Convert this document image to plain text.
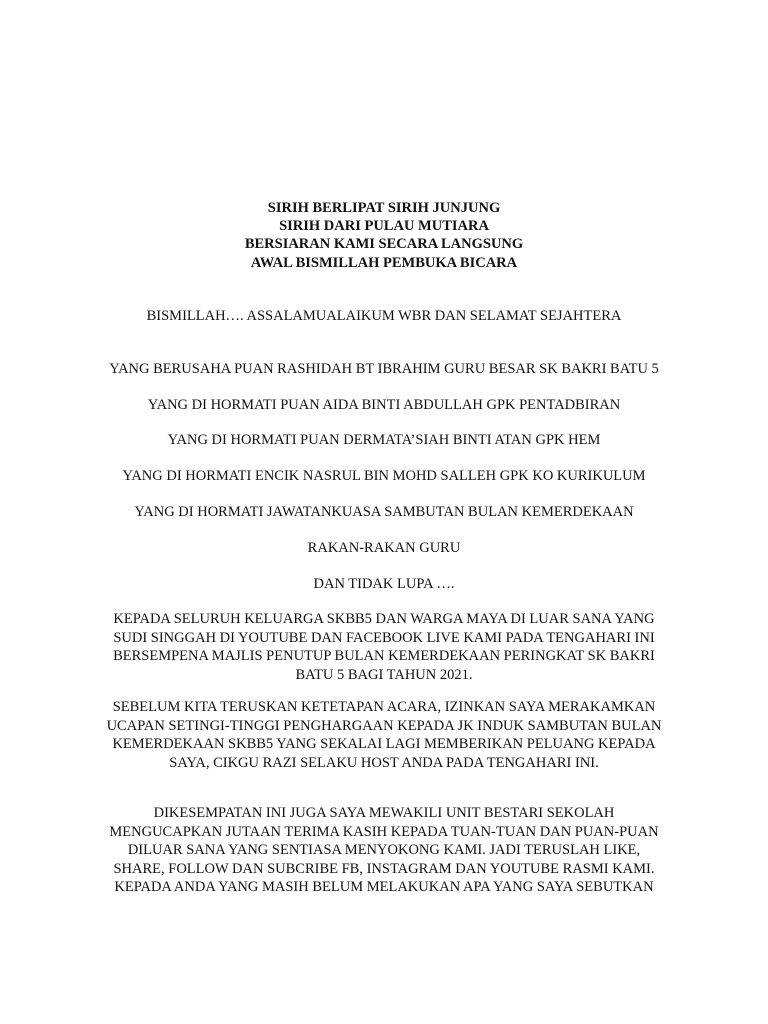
SIRIH BERLIPAT SIRIH JUNJUNG
SIRIH DARI PULAU MUTIARA
BERSIARAN KAMI SECARA LANGSUNG
AWAL BISMILLAH PEMBUKA BICARA
BISMILLAH…. ASSALAMUALAIKUM WBR DAN SELAMAT SEJAHTERA
YANG BERUSAHA PUAN RASHIDAH BT IBRAHIM GURU BESAR SK BAKRI BATU 5
YANG DI HORMATI PUAN AIDA BINTI ABDULLAH GPK PENTADBIRAN
YANG DI HORMATI PUAN DERMATA’SIAH BINTI ATAN GPK HEM
YANG DI HORMATI ENCIK NASRUL BIN MOHD SALLEH GPK KO KURIKULUM
YANG DI HORMATI JAWATANKUASA SAMBUTAN BULAN KEMERDEKAAN
RAKAN-RAKAN GURU
DAN TIDAK LUPA ….
KEPADA SELURUH KELUARGA SKBB5 DAN WARGA MAYA DI LUAR SANA YANG
SUDI SINGGAH DI YOUTUBE DAN FACEBOOK LIVE KAMI PADA TENGAHARI INI
BERSEMPENA MAJLIS PENUTUP BULAN KEMERDEKAAN PERINGKAT SK BAKRI
BATU 5 BAGI TAHUN 2021.
SEBELUM KITA TERUSKAN KETETAPAN ACARA, IZINKAN SAYA MERAKAMKAN
UCAPAN SETINGI-TINGGI PENGHARGAAN KEPADA JK INDUK SAMBUTAN BULAN
KEMERDEKAAN SKBB5 YANG SEKALAI LAGI MEMBERIKAN PELUANG KEPADA
SAYA, CIKGU RAZI SELAKU HOST ANDA PADA TENGAHARI INI.
DIKESEMPATAN INI JUGA SAYA MEWAKILI UNIT BESTARI SEKOLAH
MENGUCAPKAN JUTAAN TERIMA KASIH KEPADA TUAN-TUAN DAN PUAN-PUAN
DILUAR SANA YANG SENTIASA MENYOKONG KAMI. JADI TERUSLAH LIKE,
SHARE, FOLLOW DAN SUBCRIBE FB, INSTAGRAM DAN YOUTUBE RASMI KAMI.
KEPADA ANDA YANG MASIH BELUM MELAKUKAN APA YANG SAYA SEBUTKAN
